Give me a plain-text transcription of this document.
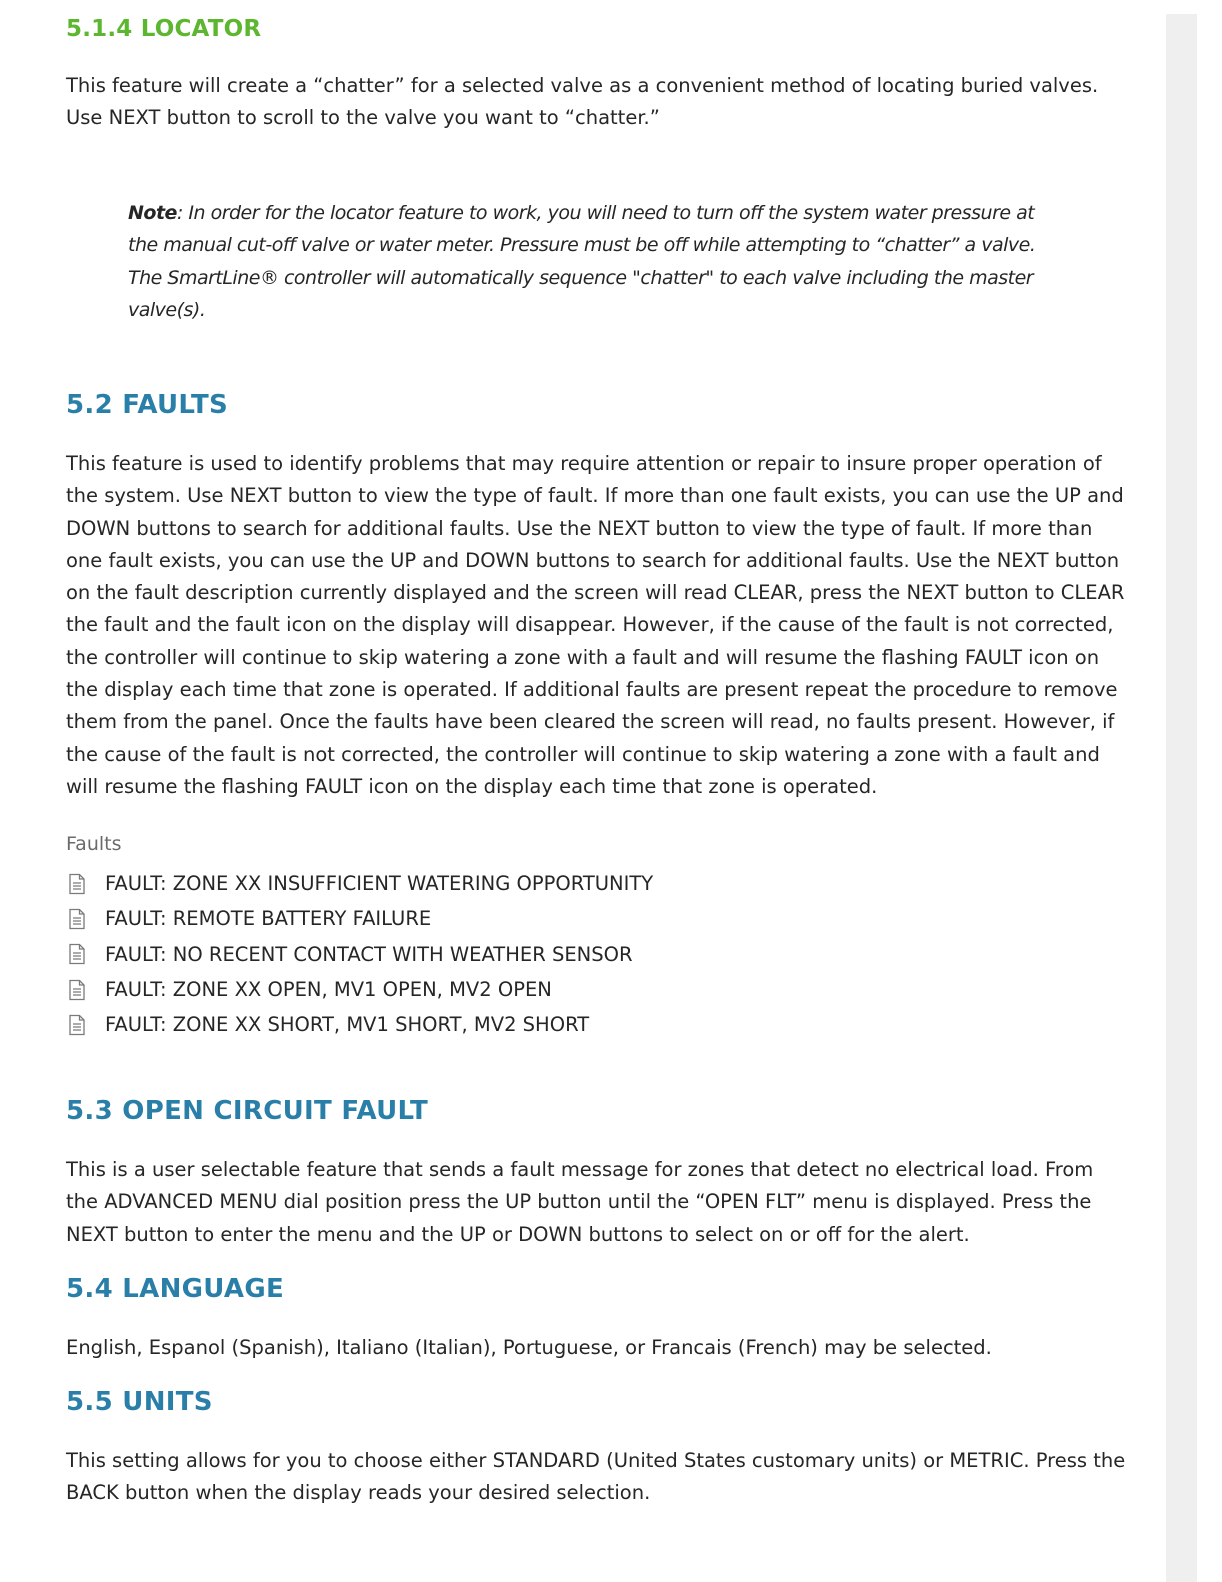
5.1.4 LOCATOR

This feature will create a “chatter” for a selected valve as a convenient method of locating buried valves. Use NEXT button to scroll to the valve you want to “chatter.”

Note: In order for the locator feature to work, you will need to turn off the system water pressure at the manual cut-off valve or water meter. Pressure must be off while attempting to “chatter” a valve. The SmartLine® controller will automatically sequence "chatter" to each valve including the master valve(s).

5.2 FAULTS

This feature is used to identify problems that may require attention or repair to insure proper operation of the system. Use NEXT button to view the type of fault. If more than one fault exists, you can use the UP and DOWN buttons to search for additional faults. Use the NEXT button to view the type of fault. If more than one fault exists, you can use the UP and DOWN buttons to search for additional faults. Use the NEXT button on the fault description currently displayed and the screen will read CLEAR, press the NEXT button to CLEAR the fault and the fault icon on the display will disappear. However, if the cause of the fault is not corrected, the controller will continue to skip watering a zone with a fault and will resume the flashing FAULT icon on the display each time that zone is operated. If additional faults are present repeat the procedure to remove them from the panel. Once the faults have been cleared the screen will read, no faults present. However, if the cause of the fault is not corrected, the controller will continue to skip watering a zone with a fault and will resume the flashing FAULT icon on the display each time that zone is operated.

Faults
FAULT: ZONE XX INSUFFICIENT WATERING OPPORTUNITY
FAULT: REMOTE BATTERY FAILURE
FAULT: NO RECENT CONTACT WITH WEATHER SENSOR
FAULT: ZONE XX OPEN, MV1 OPEN, MV2 OPEN
FAULT: ZONE XX SHORT, MV1 SHORT, MV2 SHORT
5.3 OPEN CIRCUIT FAULT

This is a user selectable feature that sends a fault message for zones that detect no electrical load. From the ADVANCED MENU dial position press the UP button until the “OPEN FLT” menu is displayed. Press the NEXT button to enter the menu and the UP or DOWN buttons to select on or off for the alert.

5.4 LANGUAGE

English, Espanol (Spanish), Italiano (Italian), Portuguese, or Francais (French) may be selected.

5.5 UNITS

This setting allows for you to choose either STANDARD (United States customary units) or METRIC. Press the BACK button when the display reads your desired selection.
